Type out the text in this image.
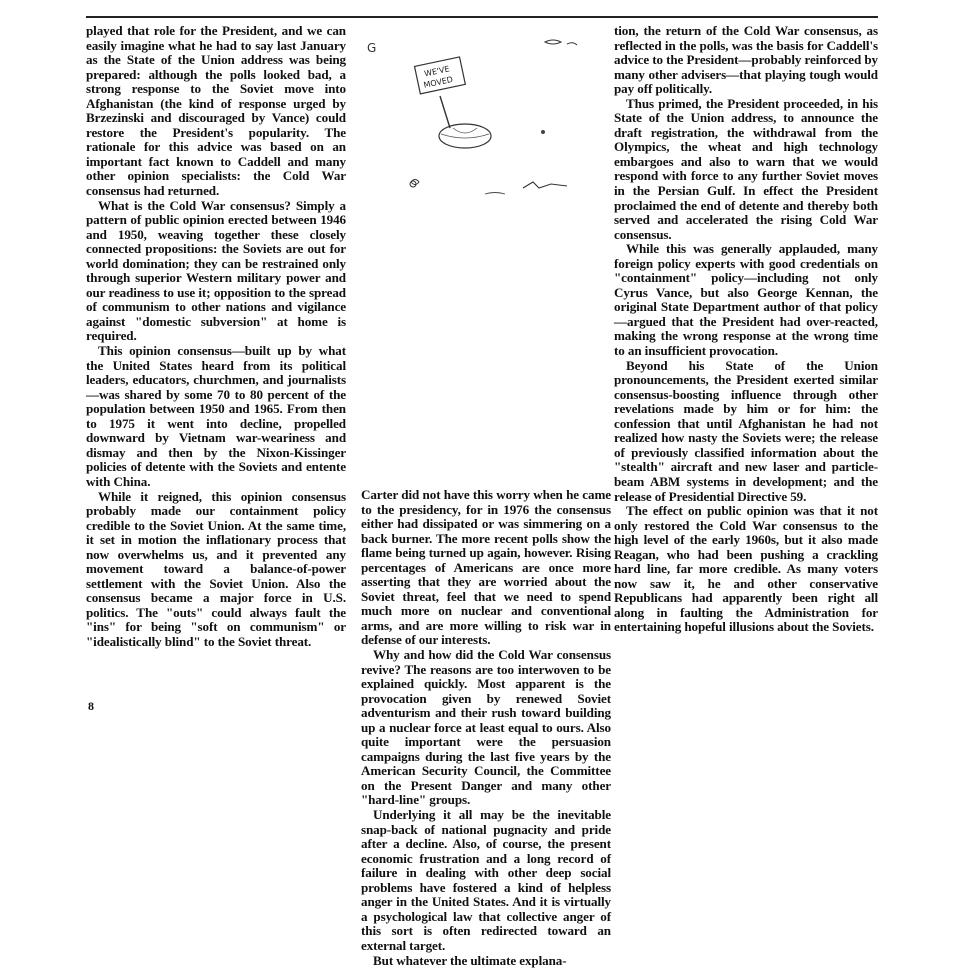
played that role for the President, and we can easily imagine what he had to say last January as the State of the Union address was being prepared: although the polls looked bad, a strong response to the Soviet move into Afghanistan (the kind of response urged by Brzezinski and discouraged by Vance) could restore the President's popularity. The rationale for this advice was based on an important fact known to Caddell and many other opinion specialists: the Cold War consensus had returned.

What is the Cold War consensus? Simply a pattern of public opinion erected between 1946 and 1950, weaving together these closely connected propositions: the Soviets are out for world domination; they can be restrained only through superior Western military power and our readiness to use it; opposition to the spread of communism to other nations and vigilance against "domestic subversion" at home is required.

This opinion consensus—built up by what the United States heard from its political leaders, educators, churchmen, and journalists—was shared by some 70 to 80 percent of the population between 1950 and 1965. From then to 1975 it went into decline, propelled downward by Vietnam war-weariness and dismay and then by the Nixon-Kissinger policies of detente with the Soviets and entente with China.

While it reigned, this opinion consensus probably made our containment policy credible to the Soviet Union. At the same time, it set in motion the inflationary process that now overwhelms us, and it prevented any movement toward a balance-of-power settlement with the Soviet Union. Also the consensus became a major force in U.S. politics. The "outs" could always fault the "ins" for being "soft on communism" or "idealistically blind" to the Soviet threat.

G
WE'VE
MOVED

Carter did not have this worry when he came to the presidency, for in 1976 the consensus either had dissipated or was simmering on a back burner. The more recent polls show the flame being turned up again, however. Rising percentages of Americans are once more asserting that they are worried about the Soviet threat, feel that we need to spend much more on nuclear and conventional arms, and are more willing to risk war in defense of our interests.

Why and how did the Cold War consensus revive? The reasons are too interwoven to be explained quickly. Most apparent is the provocation given by renewed Soviet adventurism and their rush toward building up a nuclear force at least equal to ours. Also quite important were the persuasion campaigns during the last five years by the American Security Council, the Committee on the Present Danger and many other "hard-line" groups.

Underlying it all may be the inevitable snap-back of national pugnacity and pride after a decline. Also, of course, the present economic frustration and a long record of failure in dealing with other deep social problems have fostered a kind of helpless anger in the United States. And it is virtually a psychological law that collective anger of this sort is often redirected toward an external target.

But whatever the ultimate explana-

tion, the return of the Cold War consensus, as reflected in the polls, was the basis for Caddell's advice to the President—probably reinforced by many other advisers—that playing tough would pay off politically.

Thus primed, the President proceeded, in his State of the Union address, to announce the draft registration, the withdrawal from the Olympics, the wheat and high technology embargoes and also to warn that we would respond with force to any further Soviet moves in the Persian Gulf. In effect the President proclaimed the end of detente and thereby both served and accelerated the rising Cold War consensus.

While this was generally applauded, many foreign policy experts with good credentials on "containment" policy—including not only Cyrus Vance, but also George Kennan, the original State Department author of that policy—argued that the President had over-reacted, making the wrong response at the wrong time to an insufficient provocation.

Beyond his State of the Union pronouncements, the President exerted similar consensus-boosting influence through other revelations made by him or for him: the confession that until Afghanistan he had not realized how nasty the Soviets were; the release of previously classified information about the "stealth" aircraft and new laser and particle-beam ABM systems in development; and the release of Presidential Directive 59.

The effect on public opinion was that it not only restored the Cold War consensus to the high level of the early 1960s, but it also made Reagan, who had been pushing a crackling hard line, far more credible. As many voters now saw it, he and other conservative Republicans had apparently been right all along in faulting the Administration for entertaining hopeful illusions about the Soviets.

8
